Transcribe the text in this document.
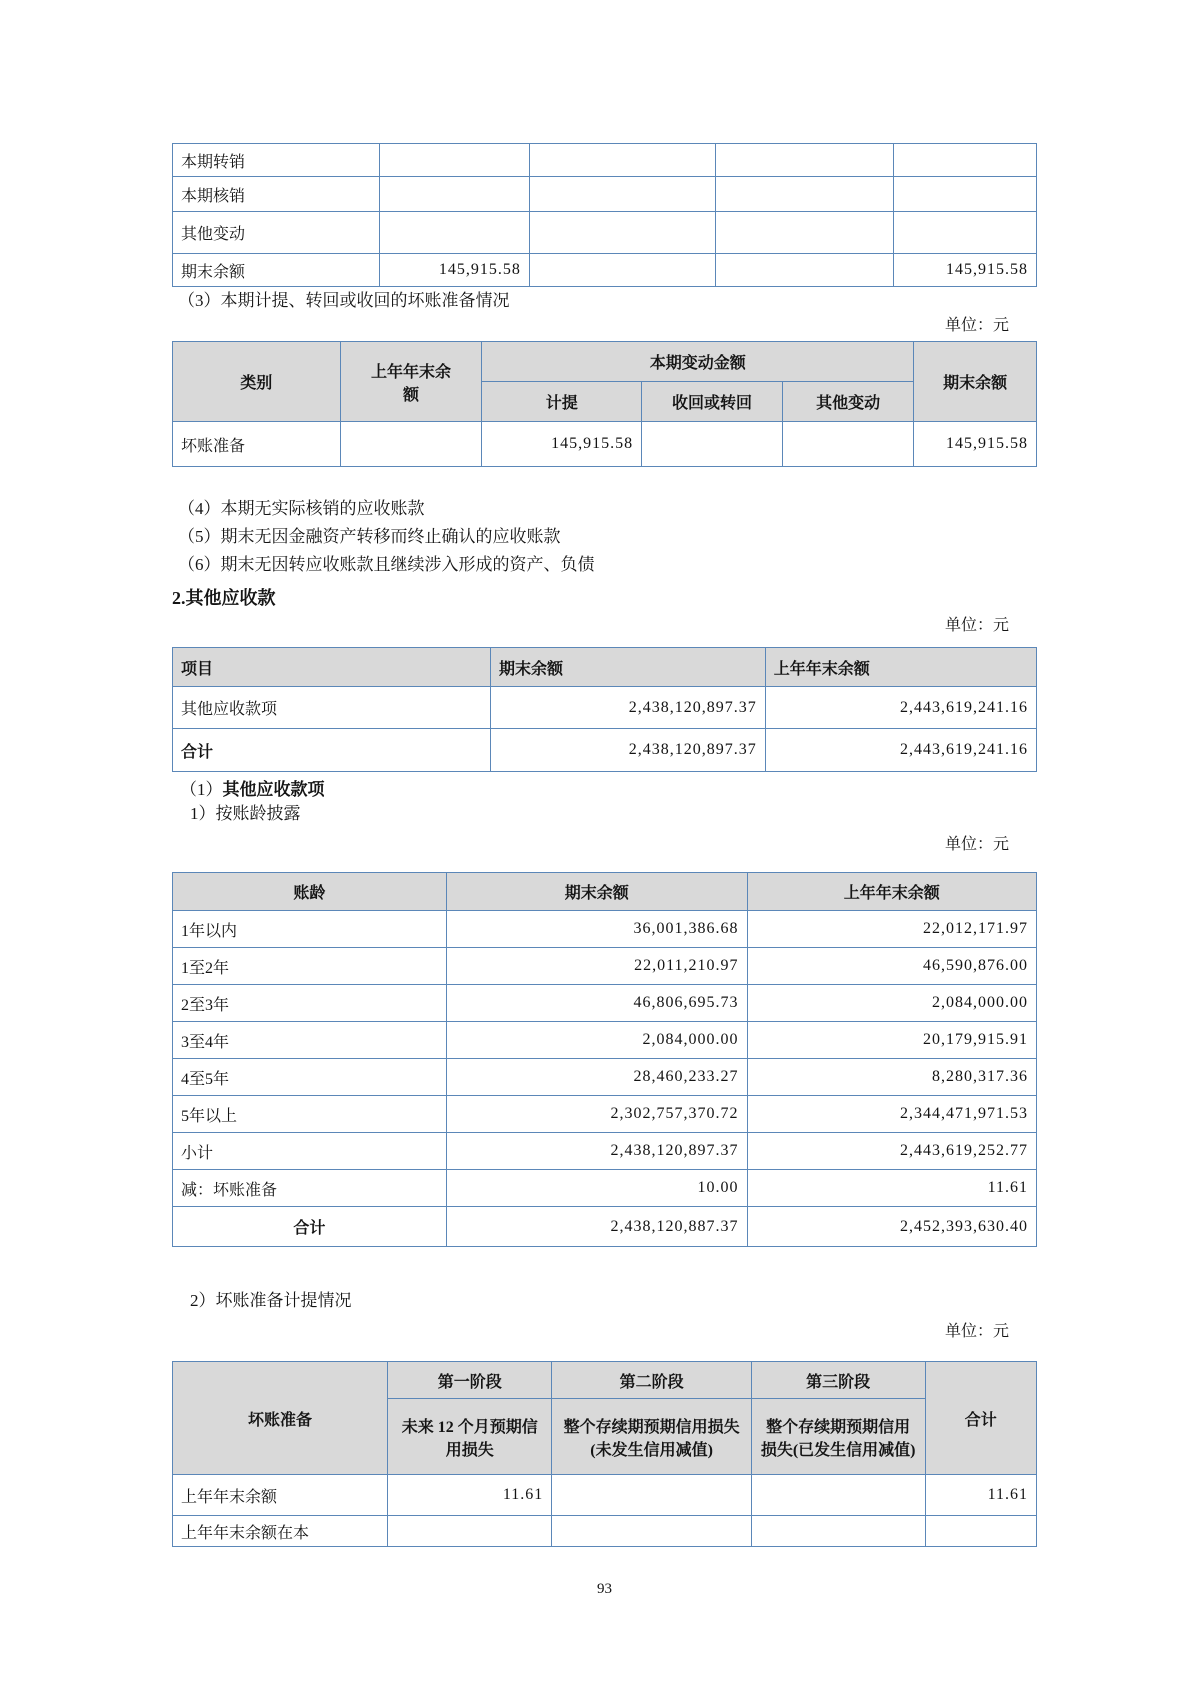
本期转销				
本期核销				
其他变动				
期末余额	145,915.58			145,915.58
（3）本期计提、转回或收回的坏账准备情况
单位：元
类别	上年年末余额	本期变动金额			期末余额
		计提	收回或转回	其他变动	
坏账准备		145,915.58			145,915.58
（4）本期无实际核销的应收账款
（5）期末无因金融资产转移而终止确认的应收账款
（6）期末无因转应收账款且继续涉入形成的资产、负债
2.其他应收款
单位：元
项目	期末余额	上年年末余额
其他应收款项	2,438,120,897.37	2,443,619,241.16
合计	2,438,120,897.37	2,443,619,241.16
（1）其他应收款项
1）按账龄披露
单位：元
账龄	期末余额	上年年末余额
1年以内	36,001,386.68	22,012,171.97
1至2年	22,011,210.97	46,590,876.00
2至3年	46,806,695.73	2,084,000.00
3至4年	2,084,000.00	20,179,915.91
4至5年	28,460,233.27	8,280,317.36
5年以上	2,302,757,370.72	2,344,471,971.53
小计	2,438,120,897.37	2,443,619,252.77
减：坏账准备	10.00	11.61
合计	2,438,120,887.37	2,452,393,630.40
2）坏账准备计提情况
单位：元
坏账准备	第一阶段	第二阶段	第三阶段	合计
	未来 12 个月预期信用损失	整个存续期预期信用损失(未发生信用减值)	整个存续期预期信用损失(已发生信用减值)	
上年年末余额	11.61			11.61
上年年末余额在本				
93
